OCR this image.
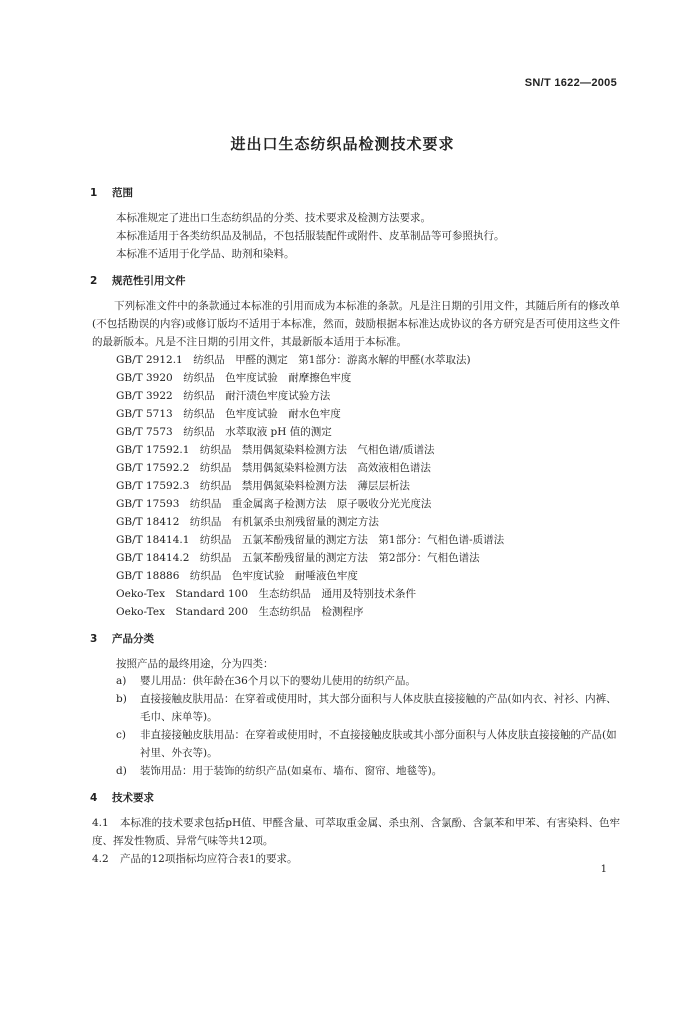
SN/T 1622—2005
进出口生态纺织品检测技术要求
1 范围
本标准规定了进出口生态纺织品的分类、技术要求及检测方法要求。
本标准适用于各类纺织品及制品，不包括服装配件或附件、皮革制品等可参照执行。
本标准不适用于化学品、助剂和染料。
2 规范性引用文件
下列标准文件中的条款通过本标准的引用而成为本标准的条款。凡是注日期的引用文件，其随后所有的修改单(不包括勘误的内容)或修订版均不适用于本标准，然而，鼓励根据本标准达成协议的各方研究是否可使用这些文件的最新版本。凡是不注日期的引用文件，其最新版本适用于本标准。
GB/T 2912.1　纺织品　甲醛的测定　第1部分：游离水解的甲醛(水萃取法)
GB/T 3920　纺织品　色牢度试验　耐摩擦色牢度
GB/T 3922　纺织品　耐汗渍色牢度试验方法
GB/T 5713　纺织品　色牢度试验　耐水色牢度
GB/T 7573　纺织品　水萃取液 pH 值的测定
GB/T 17592.1　纺织品　禁用偶氮染料检测方法　气相色谱/质谱法
GB/T 17592.2　纺织品　禁用偶氮染料检测方法　高效液相色谱法
GB/T 17592.3　纺织品　禁用偶氮染料检测方法　薄层层析法
GB/T 17593　纺织品　重金属离子检测方法　原子吸收分光光度法
GB/T 18412　纺织品　有机氯杀虫剂残留量的测定方法
GB/T 18414.1　纺织品　五氯苯酚残留量的测定方法　第1部分：气相色谱-质谱法
GB/T 18414.2　纺织品　五氯苯酚残留量的测定方法　第2部分：气相色谱法
GB/T 18886　纺织品　色牢度试验　耐唾液色牢度
Oeko-Tex　Standard 100　生态纺织品　通用及特别技术条件
Oeko-Tex　Standard 200　生态纺织品　检测程序
3 产品分类
按照产品的最终用途，分为四类：
a) 婴儿用品：供年龄在36个月以下的婴幼儿使用的纺织产品。
b) 直接接触皮肤用品：在穿着或使用时，其大部分面积与人体皮肤直接接触的产品(如内衣、衬衫、内裤、毛巾、床单等)。
c) 非直接接触皮肤用品：在穿着或使用时，不直接接触皮肤或其小部分面积与人体皮肤直接接触的产品(如衬里、外衣等)。
d) 装饰用品：用于装饰的纺织产品(如桌布、墙布、窗帘、地毯等)。
4 技术要求
4.1 本标准的技术要求包括pH值、甲醛含量、可萃取重金属、杀虫剂、含氯酚、含氯苯和甲苯、有害染料、色牢度、挥发性物质、异常气味等共12项。
4.2 产品的12项指标均应符合表1的要求。
1
